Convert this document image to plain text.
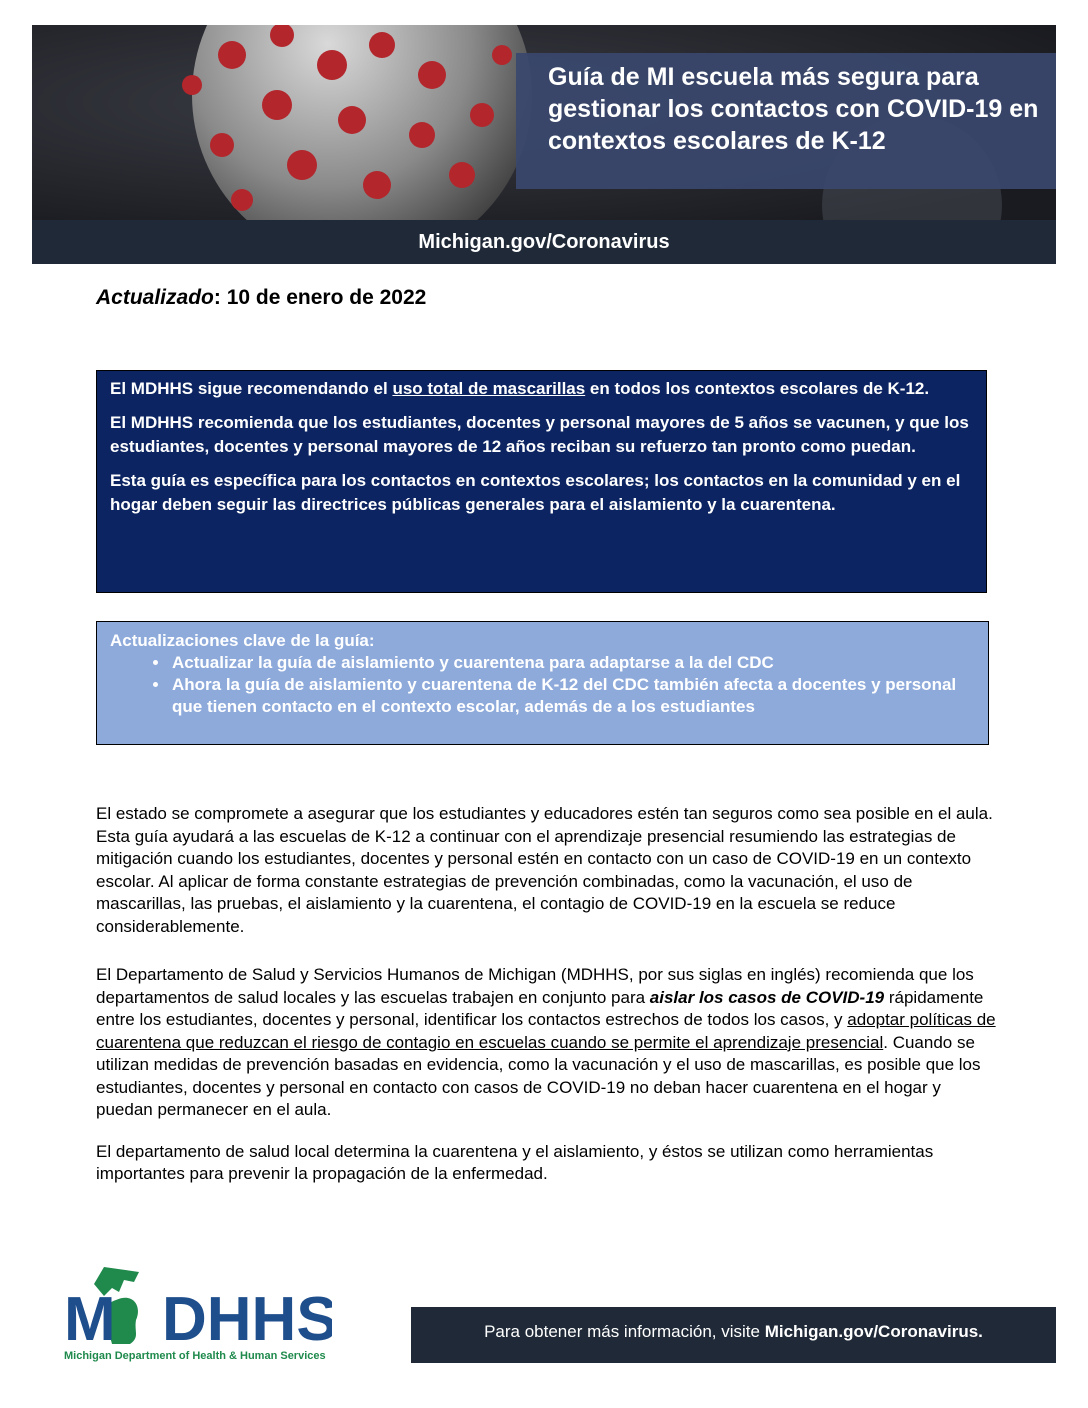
Guía de MI escuela más segura para gestionar los contactos con COVID-19 en contextos escolares de K-12
Michigan.gov/Coronavirus
Actualizado: 10 de enero de 2022

El MDHHS sigue recomendando el uso total de mascarillas en todos los contextos escolares de K-12.

El MDHHS recomienda que los estudiantes, docentes y personal mayores de 5 años se vacunen, y que los estudiantes, docentes y personal mayores de 12 años reciban su refuerzo tan pronto como puedan.

Esta guía es específica para los contactos en contextos escolares; los contactos en la comunidad y en el hogar deben seguir las directrices públicas generales para el aislamiento y la cuarentena.

Actualizaciones clave de la guía:
• Actualizar la guía de aislamiento y cuarentena para adaptarse a la del CDC
• Ahora la guía de aislamiento y cuarentena de K-12 del CDC también afecta a docentes y personal que tienen contacto en el contexto escolar, además de a los estudiantes

El estado se compromete a asegurar que los estudiantes y educadores estén tan seguros como sea posible en el aula. Esta guía ayudará a las escuelas de K-12 a continuar con el aprendizaje presencial resumiendo las estrategias de mitigación cuando los estudiantes, docentes y personal estén en contacto con un caso de COVID-19 en un contexto escolar. Al aplicar de forma constante estrategias de prevención combinadas, como la vacunación, el uso de mascarillas, las pruebas, el aislamiento y la cuarentena, el contagio de COVID-19 en la escuela se reduce considerablemente.

El Departamento de Salud y Servicios Humanos de Michigan (MDHHS, por sus siglas en inglés) recomienda que los departamentos de salud locales y las escuelas trabajen en conjunto para aislar los casos de COVID-19 rápidamente entre los estudiantes, docentes y personal, identificar los contactos estrechos de todos los casos, y adoptar políticas de cuarentena que reduzcan el riesgo de contagio en escuelas cuando se permite el aprendizaje presencial. Cuando se utilizan medidas de prevención basadas en evidencia, como la vacunación y el uso de mascarillas, es posible que los estudiantes, docentes y personal en contacto con casos de COVID-19 no deban hacer cuarentena en el hogar y puedan permanecer en el aula.

El departamento de salud local determina la cuarentena y el aislamiento, y éstos se utilizan como herramientas importantes para prevenir la propagación de la enfermedad.

M DHHS
Michigan Department of Health & Human Services
Para obtener más información, visite Michigan.gov/Coronavirus.
